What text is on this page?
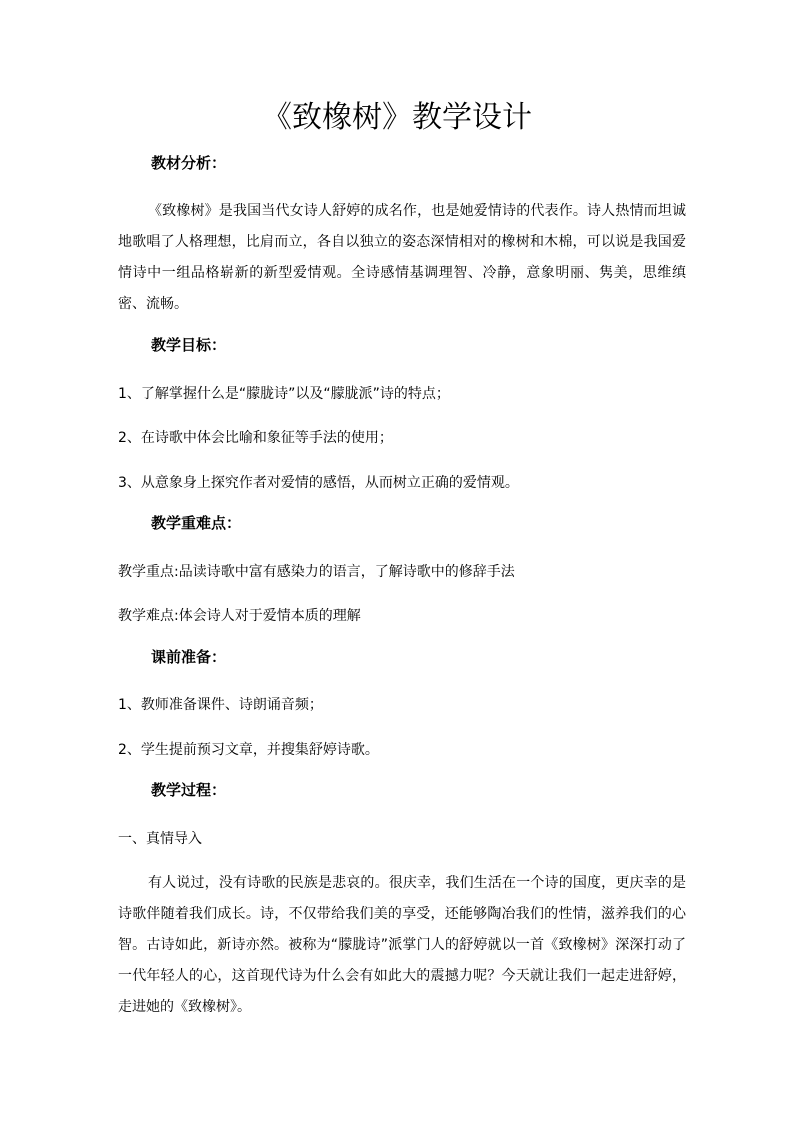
《致橡树》教学设计
教材分析：
《致橡树》是我国当代女诗人舒婷的成名作，也是她爱情诗的代表作。诗人热情而坦诚地歌唱了人格理想，比肩而立，各自以独立的姿态深情相对的橡树和木棉，可以说是我国爱情诗中一组品格崭新的新型爱情观。全诗感情基调理智、冷静，意象明丽、隽美，思维缜密、流畅。
教学目标：
1、了解掌握什么是“朦胧诗”以及“朦胧派”诗的特点；
2、在诗歌中体会比喻和象征等手法的使用；
3、从意象身上探究作者对爱情的感悟，从而树立正确的爱情观。
教学重难点：
教学重点:品读诗歌中富有感染力的语言，了解诗歌中的修辞手法
教学难点:体会诗人对于爱情本质的理解
课前准备：
1、教师准备课件、诗朗诵音频；
2、学生提前预习文章，并搜集舒婷诗歌。
教学过程：
一、真情导入
有人说过，没有诗歌的民族是悲哀的。很庆幸，我们生活在一个诗的国度，更庆幸的是诗歌伴随着我们成长。诗，不仅带给我们美的享受，还能够陶冶我们的性情，滋养我们的心智。古诗如此，新诗亦然。被称为“朦胧诗”派掌门人的舒婷就以一首《致橡树》深深打动了一代年轻人的心，这首现代诗为什么会有如此大的震撼力呢？今天就让我们一起走进舒婷，走进她的《致橡树》。
